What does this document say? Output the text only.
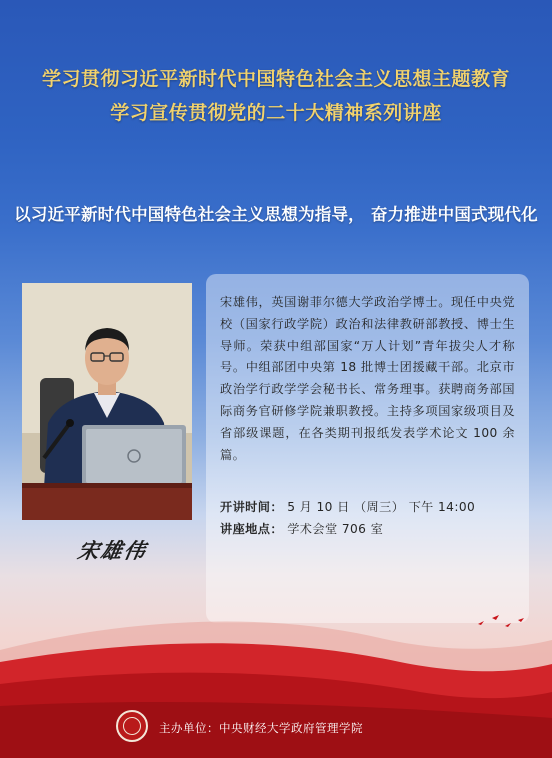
学习贯彻习近平新时代中国特色社会主义思想主题教育
学习宣传贯彻党的二十大精神系列讲座
以习近平新时代中国特色社会主义思想为指导， 奋力推进中国式现代化
宋雄伟

宋雄伟，英国谢菲尔德大学政治学博士。现任中央党校（国家行政学院）政治和法律教研部教授、博士生导师。荣获中组部国家“万人计划”青年拔尖人才称号。中组部团中央第 18 批博士团援藏干部。北京市政治学行政学学会秘书长、常务理事。获聘商务部国际商务官研修学院兼职教授。主持多项国家级项目及省部级课题，在各类期刊报纸发表学术论文 100 余篇。

开讲时间： 5 月 10 日 （周三） 下午 14:00
讲座地点： 学术会堂 706 室
主办单位：中央财经大学政府管理学院
